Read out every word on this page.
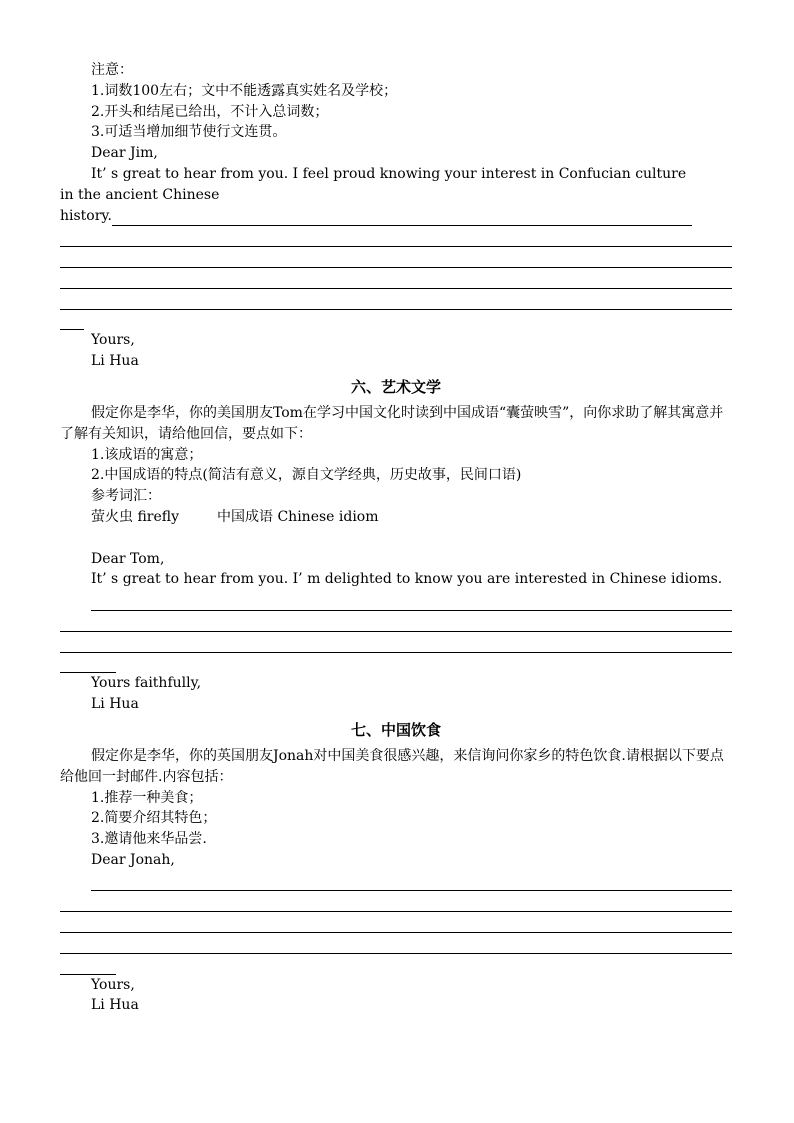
注意：
1.词数100左右；文中不能透露真实姓名及学校；
2.开头和结尾已给出，不计入总词数；
3.可适当增加细节使行文连贯。
Dear Jim,
It’ s great to hear from you. I feel proud knowing your interest in Confucian culture
in the ancient Chinese
history.
Yours,
Li Hua
六、艺术文学
假定你是李华，你的美国朋友Tom在学习中国文化时读到中国成语“囊萤映雪”，向你求助了解其寓意并了解有关知识，请给他回信，要点如下：
1.该成语的寓意；
2.中国成语的特点(简洁有意义，源自文学经典，历史故事，民间口语)
参考词汇：
萤火虫 firefly	中国成语 Chinese idiom
Dear Tom,
It’ s great to hear from you. I’ m delighted to know you are interested in Chinese idioms.
Yours faithfully,
Li Hua
七、中国饮食
假定你是李华，你的英国朋友Jonah对中国美食很感兴趣，来信询问你家乡的特色饮食.请根据以下要点给他回一封邮件.内容包括：
1.推荐一种美食；
2.简要介绍其特色；
3.邀请他来华品尝.
Dear Jonah,
Yours,
Li Hua
